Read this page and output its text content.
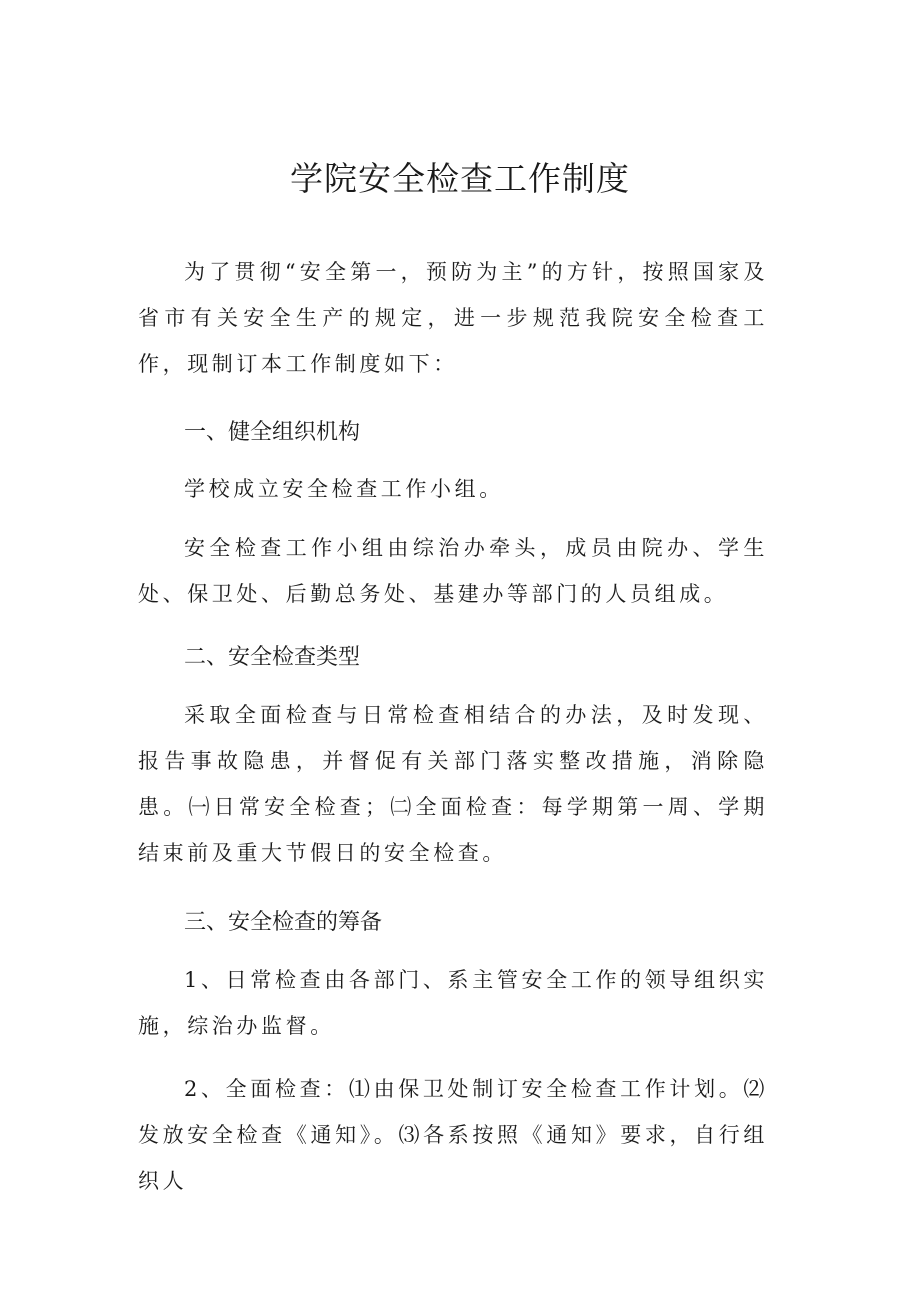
学院安全检查工作制度

为了贯彻“安全第一，预防为主”的方针，按照国家及省市有关安全生产的规定，进一步规范我院安全检查工作，现制订本工作制度如下：

一、健全组织机构

学校成立安全检查工作小组。

安全检查工作小组由综治办牵头，成员由院办、学生处、保卫处、后勤总务处、基建办等部门的人员组成。

二、安全检查类型

采取全面检查与日常检查相结合的办法，及时发现、报告事故隐患，并督促有关部门落实整改措施，消除隐患。㈠日常安全检查；㈡全面检查：每学期第一周、学期结束前及重大节假日的安全检查。

三、安全检查的筹备

1、日常检查由各部门、系主管安全工作的领导组织实施，综治办监督。

2、全面检查：⑴由保卫处制订安全检查工作计划。⑵发放安全检查《通知》。⑶各系按照《通知》要求，自行组织人
